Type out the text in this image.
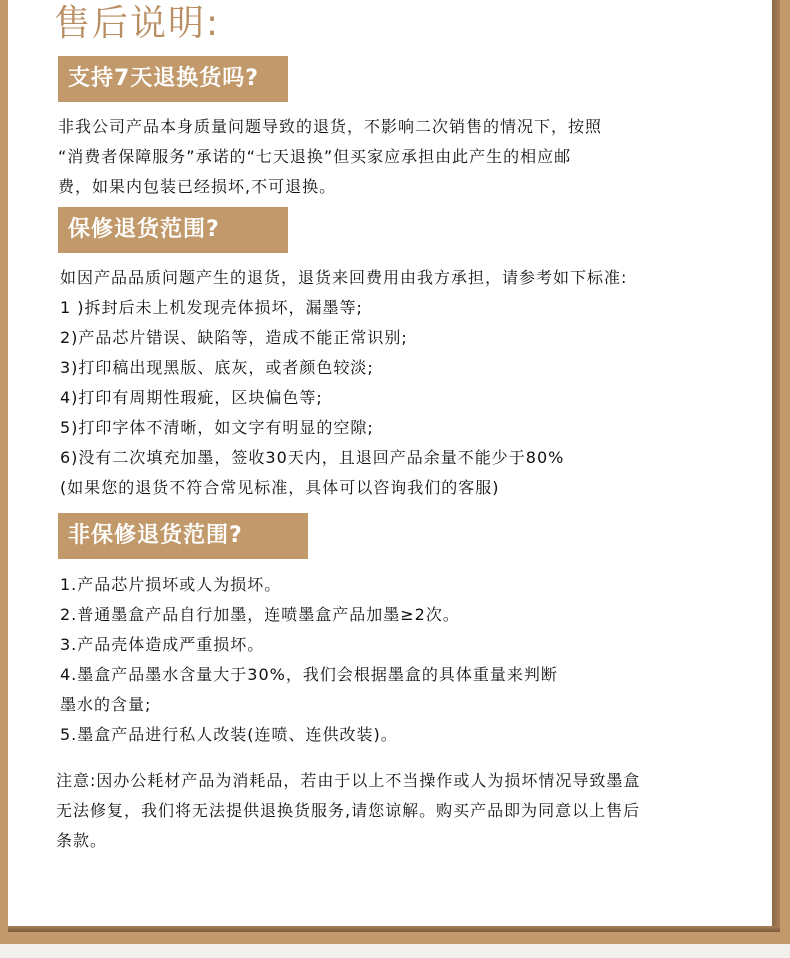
售后说明:
支持7天退换货吗?
非我公司产品本身质量问题导致的退货，不影响二次销售的情况下，按照
“消费者保障服务”承诺的“七天退换”但买家应承担由此产生的相应邮
费，如果内包装已经损坏,不可退换。
保修退货范围?
如因产品品质问题产生的退货，退货来回费用由我方承担，请参考如下标准:
1 )拆封后未上机发现壳体损坏，漏墨等;
2)产品芯片错误、缺陷等，造成不能正常识别;
3)打印稿出现黑版、底灰，或者颜色较淡;
4)打印有周期性瑕疵，区块偏色等;
5)打印字体不清晰，如文字有明显的空隙;
6)没有二次填充加墨，签收30天内，且退回产品余量不能少于80%
(如果您的退货不符合常见标准，具体可以咨询我们的客服)
非保修退货范围?
1.产品芯片损坏或人为损坏。
2.普通墨盒产品自行加墨，连喷墨盒产品加墨≥2次。
3.产品壳体造成严重损坏。
4.墨盒产品墨水含量大于30%，我们会根据墨盒的具体重量来判断
墨水的含量;
5.墨盒产品进行私人改装(连喷、连供改装)。
注意:因办公耗材产品为消耗品，若由于以上不当操作或人为损坏情况导致墨盒
无法修复，我们将无法提供退换货服务,请您谅解。购买产品即为同意以上售后
条款。
